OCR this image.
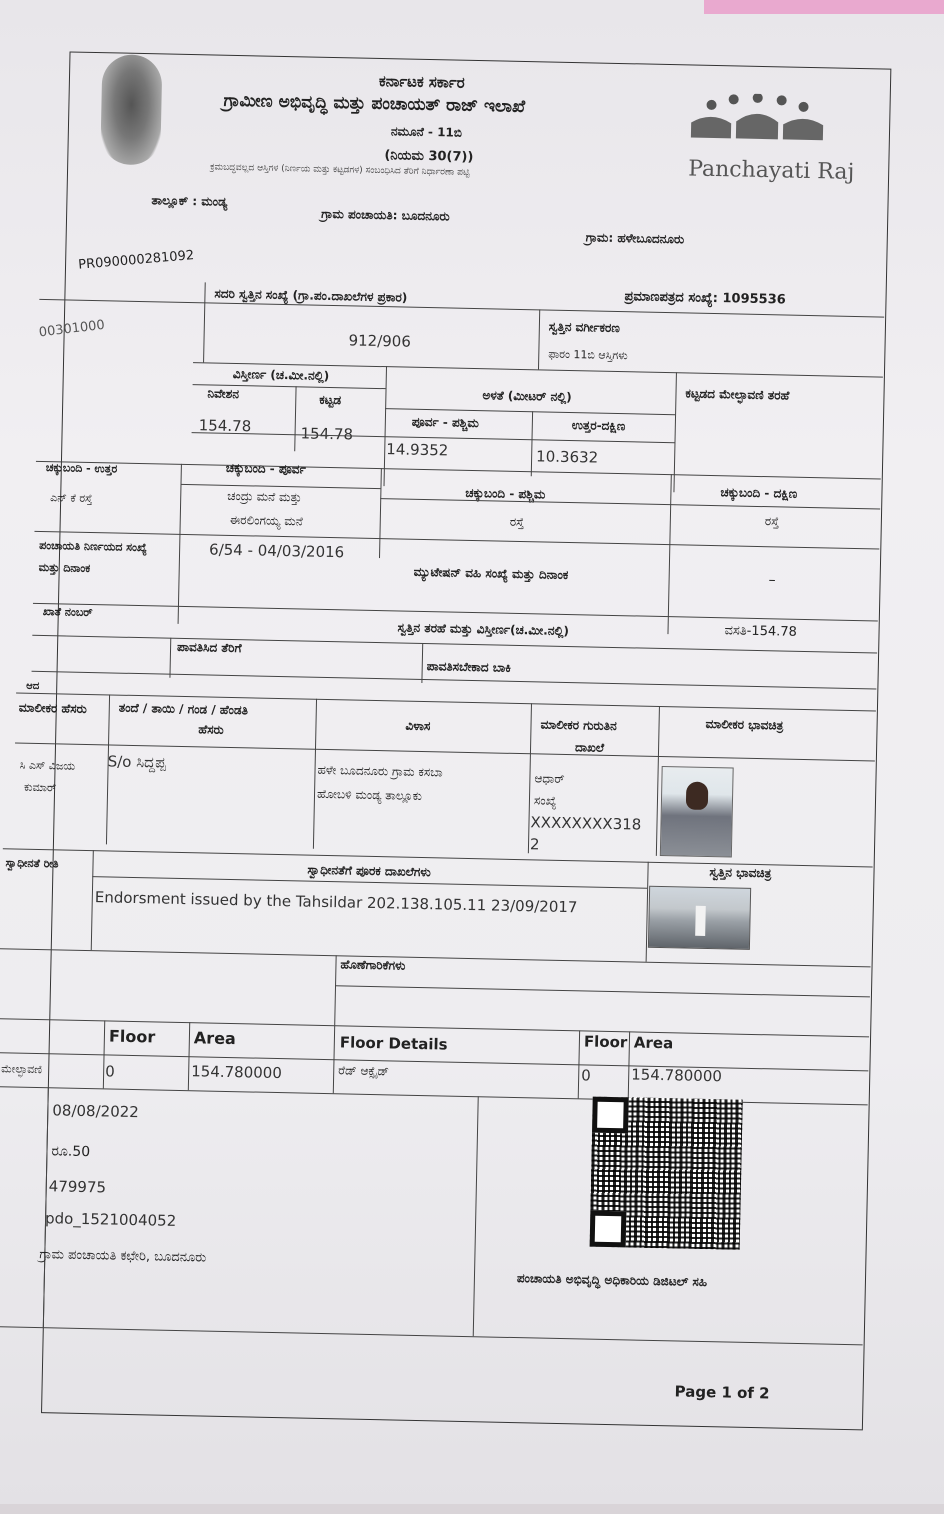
ಕರ್ನಾಟಕ ಸರ್ಕಾರ
ಗ್ರಾಮೀಣ ಅಭಿವೃದ್ಧಿ ಮತ್ತು ಪಂಚಾಯತ್ ರಾಜ್ ಇಲಾಖೆ
ನಮೂನೆ - 11ಬಿ
(ನಿಯಮ 30(7))
ಕ್ರಮಬದ್ಧವಲ್ಲದ ಆಸ್ತಿಗಳ (ನಿರ್ಣಯ ಮತ್ತು ಕಟ್ಟಡಗಳ) ಸಂಬಂಧಿಸಿದ ತೆರಿಗೆ ನಿರ್ಧಾರಣಾ ಪಟ್ಟಿ	Panchayati Raj
ತಾಲ್ಲೂಕ್ : ಮಂಡ್ಯ
ಗ್ರಾಮ ಪಂಚಾಯತಿ: ಬೂದನೂರು
ಗ್ರಾಮ: ಹಳೇಬೂದನೂರು
PR090000281092
ಪ್ರಮಾಣಪತ್ರದ ಸಂಖ್ಯೆ: 1095536
ಸದರಿ ಸ್ವತ್ತಿನ ಸಂಖ್ಯೆ (ಗ್ರಾ.ಪಂ.ದಾಖಲೆಗಳ ಪ್ರಕಾರ)
912/906
ಸ್ವತ್ತಿನ ವರ್ಗೀಕರಣ
ಫಾರಂ 11ಬಿ ಆಸ್ತಿಗಳು
00301000
ವಿಸ್ತೀರ್ಣ (ಚ.ಮೀ.ನಲ್ಲಿ)
ನಿವೇಶನ	ಕಟ್ಟಡ
154.78	154.78
ಅಳತೆ (ಮೀಟರ್ ನಲ್ಲಿ)	ಕಟ್ಟಡದ ಮೇಲ್ಛಾವಣಿ ತರಹೆ
ಪೂರ್ವ - ಪಶ್ಚಿಮ	ಉತ್ತರ-ದಕ್ಷಿಣ
14.9352	10.3632
ಚಕ್ಕುಬಂದಿ - ಉತ್ತರ
ಎನ್ ಕೆ ರಸ್ತೆ
ಚಕ್ಕುಬಂದಿ - ಪೂರ್ವ
ಚಂದ್ರು ಮನೆ ಮತ್ತು
ಈರಲಿಂಗಯ್ಯ ಮನೆ
ಚಕ್ಕುಬಂದಿ - ಪಶ್ಚಿಮ
ರಸ್ತೆ
ಚಕ್ಕುಬಂದಿ - ದಕ್ಷಿಣ
ರಸ್ತೆ
ಪಂಚಾಯತಿ ನಿರ್ಣಯದ ಸಂಖ್ಯೆ
ಮತ್ತು ದಿನಾಂಕ
6/54 - 04/03/2016
ಮ್ಯುಟೇಷನ್ ವಹಿ ಸಂಖ್ಯೆ ಮತ್ತು ದಿನಾಂಕ	–
ಖಾತೆ ನಂಬರ್
ಸ್ವತ್ತಿನ ತರಹೆ ಮತ್ತು ವಿಸ್ತೀರ್ಣ(ಚ.ಮೀ.ನಲ್ಲಿ)	ವಸತಿ-154.78
ಪಾವತಿಸಿದ ತೆರಿಗೆ
ಪಾವತಿಸಬೇಕಾದ ಬಾಕಿ
ಆದ
ಮಾಲೀಕರ ಹೆಸರು	ತಂದೆ / ತಾಯಿ / ಗಂಡ / ಹೆಂಡತಿ
ಹೆಸರು	ವಿಳಾಸ	ಮಾಲೀಕರ ಗುರುತಿನ
ದಾಖಲೆ
ಮಾಲೀಕರ ಭಾವಚಿತ್ರ
ಸಿ ಎಸ್ ವಿಜಯ
ಕುಮಾರ್
S/o ಸಿದ್ದಪ್ಪ	ಹಳೇ ಬೂದನೂರು ಗ್ರಾಮ ಕಸಬಾ
ಹೋಬಳಿ ಮಂಡ್ಯ ತಾಲ್ಲೂಕು
ಆಧಾರ್
ಸಂಖ್ಯೆ
XXXXXXXX318
2
ಸ್ವಾಧೀನತೆ ರೀತಿ	ಸ್ವಾಧೀನತೆಗೆ ಪೂರಕ ದಾಖಲೆಗಳು	ಸ್ವತ್ತಿನ ಭಾವಚಿತ್ರ
Endorsment issued by the Tahsildar 202.138.105.11 23/09/2017
ಹೊಣೆಗಾರಿಕೆಗಳು
Floor Area	Floor Details	Floor Area
ಮೇಲ್ಛಾವಣಿ	0	154.780000	ರೆಡ್ ಆಕ್ಸೈಡ್	0	154.780000
08/08/2022
ರೂ.50
479975
pdo_1521004052
ಗ್ರಾಮ ಪಂಚಾಯತಿ ಕಛೇರಿ, ಬೂದನೂರು
ಪಂಚಾಯತಿ ಅಭಿವೃದ್ಧಿ ಅಧಿಕಾರಿಯ ಡಿಜಿಟಲ್ ಸಹಿ
Page 1 of 2
